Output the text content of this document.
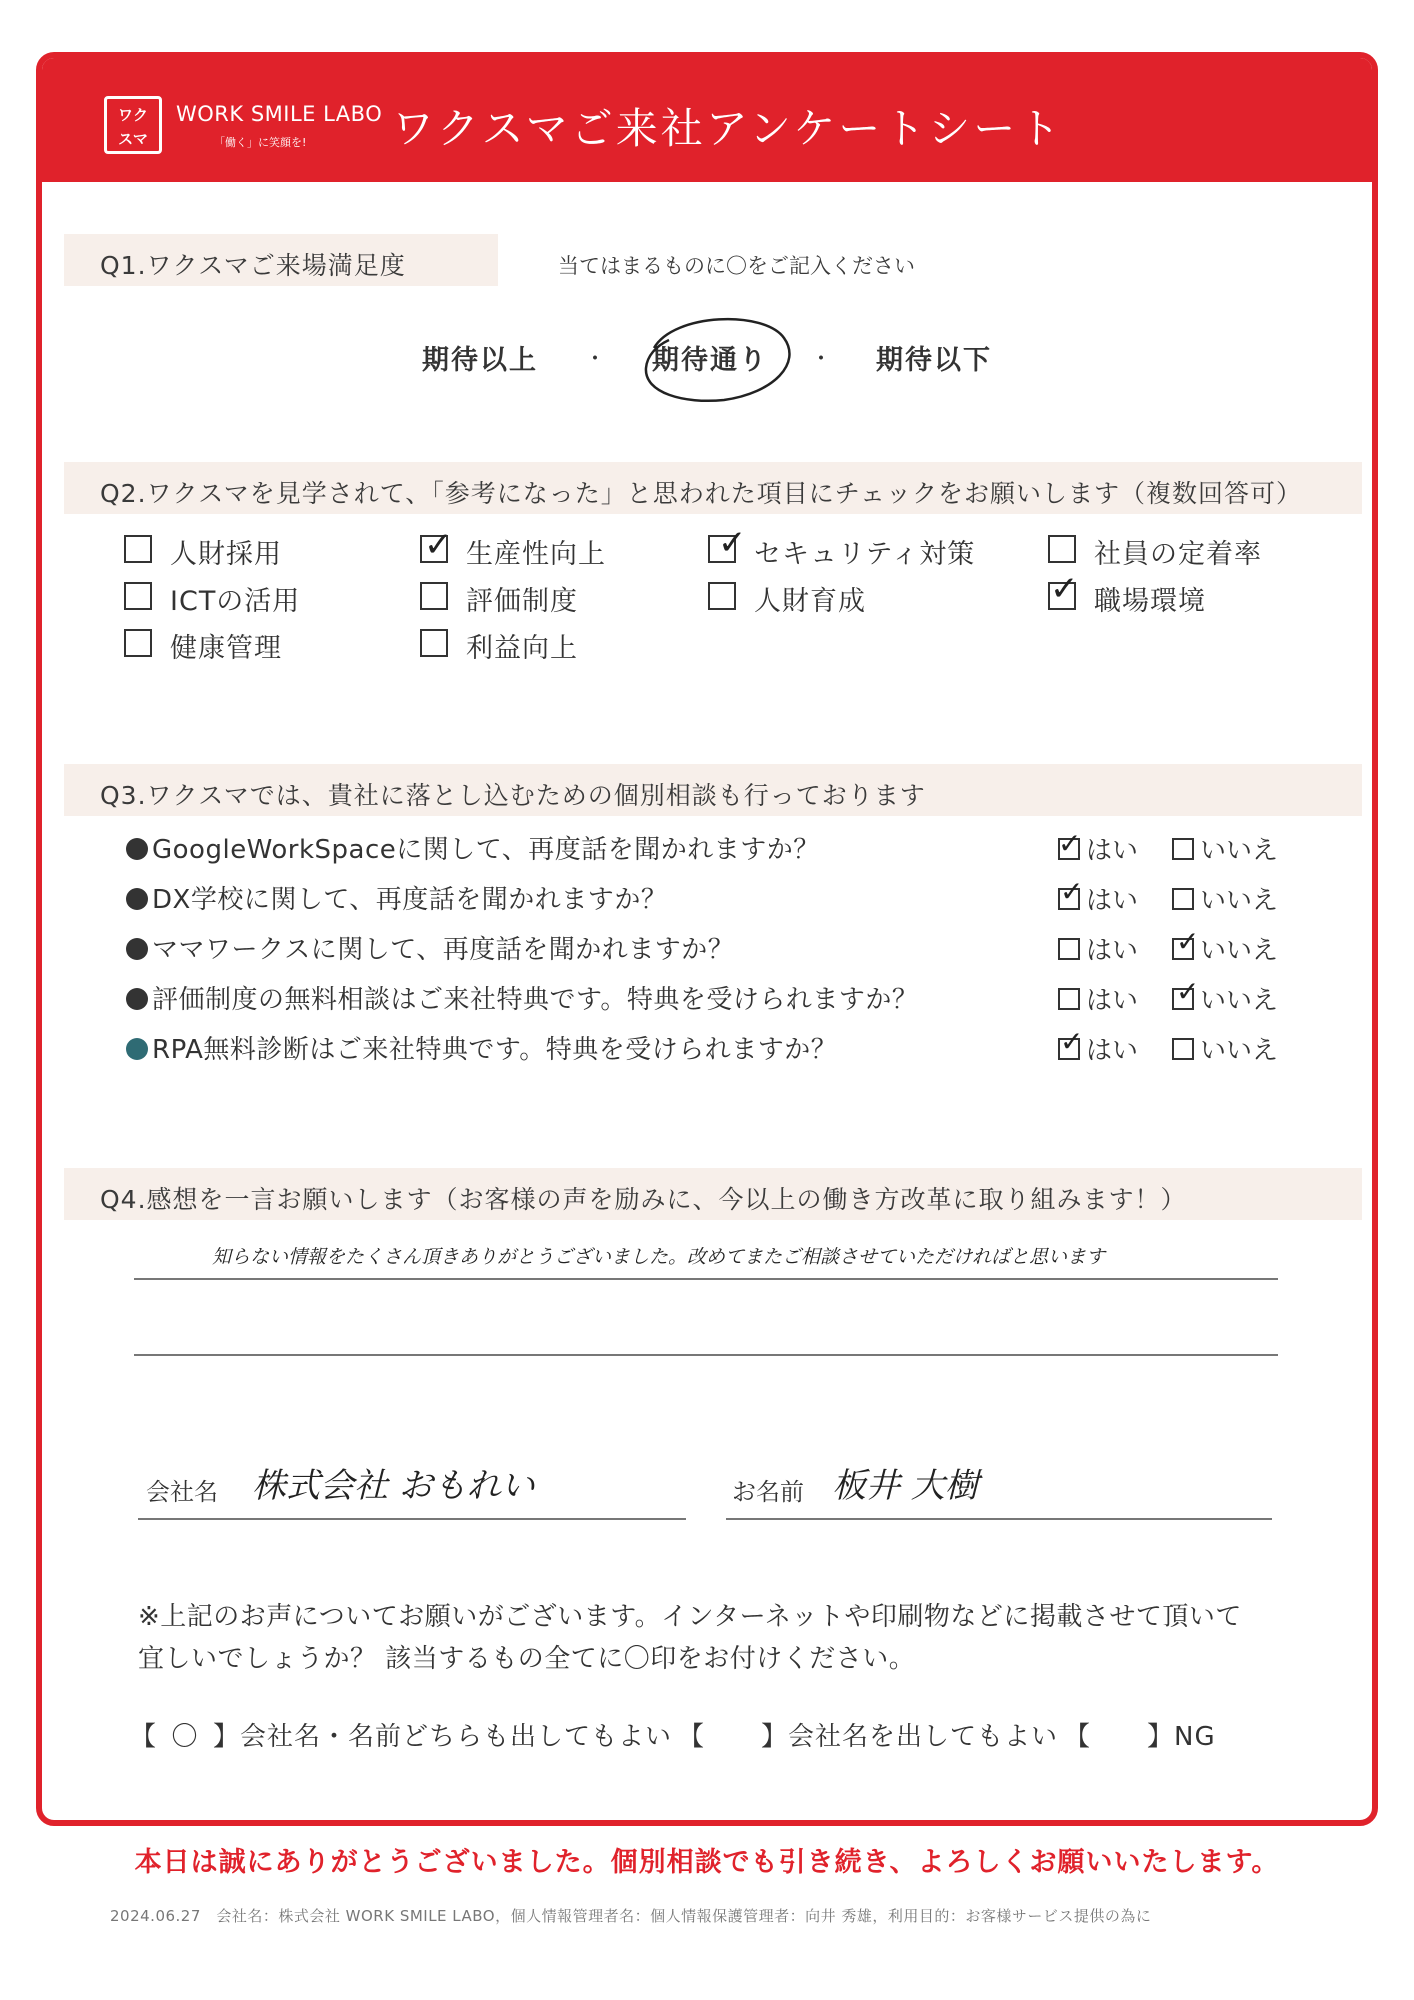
ワク
スマ
WORK SMILE LABO
「働く」に笑顔を! ワクスマご来社アンケートシート
Q1.ワクスマご来場満足度	当てはまるものに〇をご記入ください
期待以上 ・ 期待通り ・ 期待以下
Q2.ワクスマを見学されて、「参考になった」と思われた項目にチェックをお願いします（複数回答可）
人財採用
ICTの活用
健康管理
✓ 生産性向上
評価制度
利益向上
✓ セキュリティ対策
人財育成
社員の定着率
✓ 職場環境
Q3.ワクスマでは、貴社に落とし込むための個別相談も行っております
GoogleWorkSpaceに関して、再度話を聞かれますか？
DX学校に関して、再度話を聞かれますか？
ママワークスに関して、再度話を聞かれますか？
評価制度の無料相談はご来社特典です。特典を受けられますか？
RPA無料診断はご来社特典です。特典を受けられますか？
✓ はい いいえ
✓ はい いいえ
はい ✓ いいえ
はい ✓ いいえ
✓ はい いいえ
Q4.感想を一言お願いします（お客様の声を励みに、今以上の働き方改革に取り組みます！）
知らない情報をたくさん頂きありがとうございました。改めてまたご相談させていただければと思います
会社名 株式会社 おもれい	お名前 板井 大樹
※上記のお声についてお願いがございます。インターネットや印刷物などに掲載させて頂いて
宜しいでしょうか？ 該当するもの全てに〇印をお付けください。
【 〇 】会社名・名前どちらも出してもよい 【 】会社名を出してもよい 【 】NG
本日は誠にありがとうございました。個別相談でも引き続き、よろしくお願いいたします。
2024.06.27　会社名：株式会社 WORK SMILE LABO，個人情報管理者名：個人情報保護管理者：向井 秀雄，利用目的：お客様サービス提供の為に
